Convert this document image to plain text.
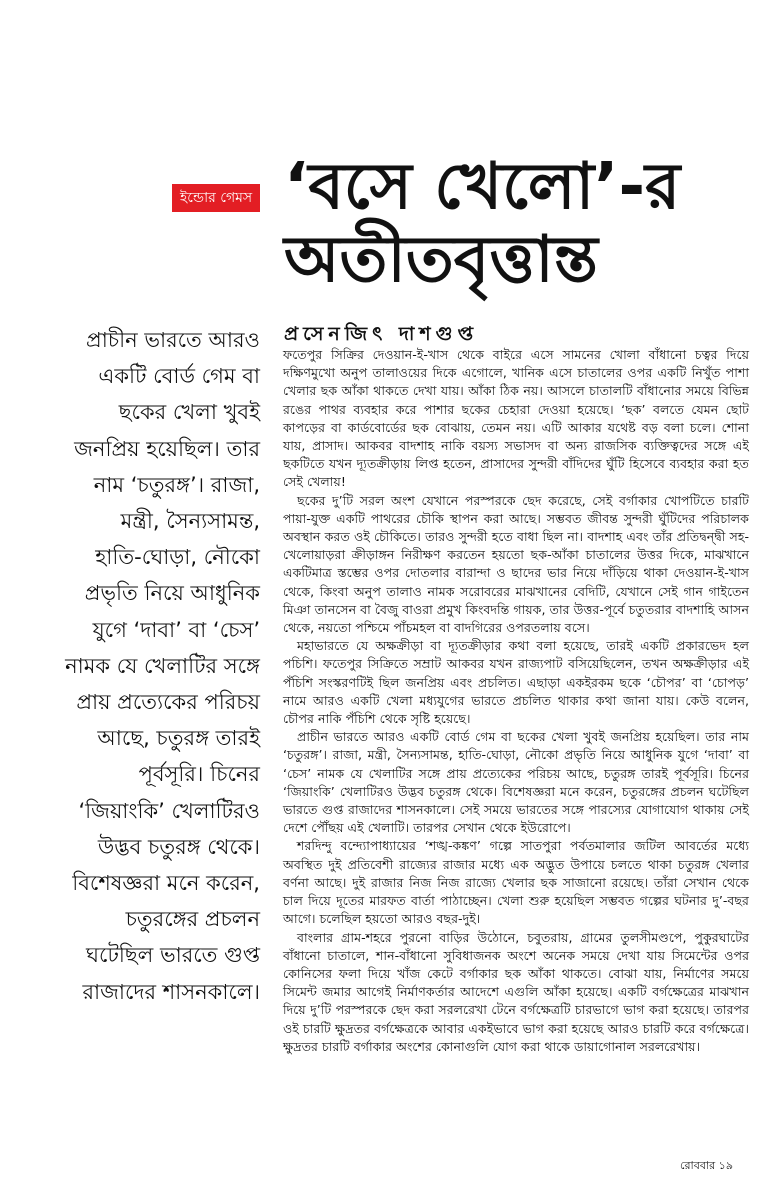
ইন্ডোর গেমস ‘বসে খেলো’-র
অতীতবৃত্তান্ত
প্রাচীন ভারতে আরও
একটি বোর্ড গেম বা
ছকের খেলা খুবই
জনপ্রিয় হয়েছিল। তার
নাম ‘চতুরঙ্গ’। রাজা,
মন্ত্রী, সৈন্যসামন্ত,
হাতি-ঘোড়া, নৌকো
প্রভৃতি নিয়ে আধুনিক
যুগে ‘দাবা’ বা ‘চেস’
নামক যে খেলাটির সঙ্গে
প্রায় প্রত্যেকের পরিচয়
আছে, চতুরঙ্গ তারই
পূর্বসূরি। চিনের
‘জিয়াংকি’ খেলাটিরও
উদ্ভব চতুরঙ্গ থেকে।
বিশেষজ্ঞরা মনে করেন,
চতুরঙ্গের প্রচলন
ঘটেছিল ভারতে গুপ্ত
রাজাদের শাসনকালে।
প্রসেনজিৎ দাশগুপ্ত

ফতেপুর সিক্রির দেওয়ান-ই-খাস থেকে বাইরে এসে সামনের খোলা বাঁধানো চত্বর দিয়ে দক্ষিণমুখো অনুপ তালাওয়ের দিকে এগোলে, খানিক এসে চাতালের ওপর একটি নিখুঁত পাশা খেলার ছক আঁকা থাকতে দেখা যায়। আঁকা ঠিক নয়। আসলে চাতালটি বাঁধানোর সময়ে বিভিন্ন রঙের পাথর ব্যবহার করে পাশার ছকের চেহারা দেওয়া হয়েছে। ‘ছক’ বলতে যেমন ছোট কাপড়ের বা কার্ডবোর্ডের ছক বোঝায়, তেমন নয়। এটি আকার যথেষ্ট বড় বলা চলে। শোনা যায়, প্রাসাদ। আকবর বাদশাহ নাকি বয়স্য সভাসদ বা অন্য রাজসিক ব্যক্তিত্বদের সঙ্গে এই ছকটিতে যখন দ্যূতক্রীড়ায় লিপ্ত হতেন, প্রাসাদের সুন্দরী বাঁদিদের ঘুঁটি হিসেবে ব্যবহার করা হত সেই খেলায়!

ছকের দু’টি সরল অংশ যেখানে পরস্পরকে ছেদ করেছে, সেই বর্গাকার খোপটিতে চারটি পায়া-যুক্ত একটি পাথরের চৌকি স্থাপন করা আছে। সম্ভবত জীবন্ত সুন্দরী ঘুঁটিদের পরিচালক অবস্থান করত ওই চৌকিতে। তারও সুন্দরী হতে বাধা ছিল না। বাদশাহ এবং তাঁর প্রতিদ্বন্দ্বী সহ-খেলোয়াড়রা ক্রীড়াঙ্গন নিরীক্ষণ করতেন হয়তো ছক-আঁকা চাতালের উত্তর দিকে, মাঝখানে একটিমাত্র স্তম্ভের ওপর দোতলার বারান্দা ও ছাদের ভার নিয়ে দাঁড়িয়ে থাকা দেওয়ান-ই-খাস থেকে, কিংবা অনুপ তালাও নামক সরোবরের মাঝখানের বেদিটি, যেখানে সেই গান গাইতেন মিঞা তানসেন বা বৈজু বাওরা প্রমুখ কিংবদন্তি গায়ক, তার উত্তর-পূর্বে চতুতরার বাদশাহি আসন থেকে, নয়তো পশ্চিমে পাঁচমহল বা বাদগিরের ওপরতলায় বসে।

মহাভারতে যে অক্ষক্রীড়া বা দ্যূতক্রীড়ার কথা বলা হয়েছে, তারই একটি প্রকারভেদ হল পচিশি। ফতেপুর সিক্রিতে সম্রাট আকবর যখন রাজ্যপাট বসিয়েছিলেন, তখন অক্ষক্রীড়ার এই পঁচিশি সংস্করণটিই ছিল জনপ্রিয় এবং প্রচলিত। এছাড়া একইরকম ছকে ‘চৌপর’ বা ‘চোপড়’ নামে আরও একটি খেলা মধ্যযুগের ভারতে প্রচলিত থাকার কথা জানা যায়। কেউ বলেন, চৌপর নাকি পঁচিশি থেকে সৃষ্টি হয়েছে।

প্রাচীন ভারতে আরও একটি বোর্ড গেম বা ছকের খেলা খুবই জনপ্রিয় হয়েছিল। তার নাম ‘চতুরঙ্গ’। রাজা, মন্ত্রী, সৈন্যসামন্ত, হাতি-ঘোড়া, নৌকো প্রভৃতি নিয়ে আধুনিক যুগে ‘দাবা’ বা ‘চেস’ নামক যে খেলাটির সঙ্গে প্রায় প্রত্যেকের পরিচয় আছে, চতুরঙ্গ তারই পূর্বসূরি। চিনের ‘জিয়াংকি’ খেলাটিরও উদ্ভব চতুরঙ্গ থেকে। বিশেষজ্ঞরা মনে করেন, চতুরঙ্গের প্রচলন ঘটেছিল ভারতে গুপ্ত রাজাদের শাসনকালে। সেই সময়ে ভারতের সঙ্গে পারস্যের যোগাযোগ থাকায় সেই দেশে পৌঁছয় এই খেলাটি। তারপর সেখান থেকে ইউরোপে।

শরদিন্দু বন্দ্যোপাধ্যায়ের ‘শঙ্খ-কঙ্কণ’ গল্পে সাতপুরা পর্বতমালার জটিল আবর্তের মধ্যে অবস্থিত দুই প্রতিবেশী রাজ্যের রাজার মধ্যে এক অদ্ভুত উপায়ে চলতে থাকা চতুরঙ্গ খেলার বর্ণনা আছে। দুই রাজার নিজ নিজ রাজ্যে খেলার ছক সাজানো রয়েছে। তাঁরা সেখান থেকে চাল দিয়ে দূতের মারফত বার্তা পাঠাচ্ছেন। খেলা শুরু হয়েছিল সম্ভবত গল্পের ঘটনার দু’-বছর আগে। চলেছিল হয়তো আরও বছর-দুই।

বাংলার গ্রাম-শহরে পুরনো বাড়ির উঠোনে, চবুতরায়, গ্রামের তুলসীমণ্ডপে, পুকুরঘাটের বাঁধানো চাতালে, শান-বাঁধানো সুবিধাজনক অংশে অনেক সময়ে দেখা যায় সিমেন্টের ওপর কোনিসের ফলা দিয়ে খাঁজ কেটে বর্গাকার ছক আঁকা থাকতে। বোঝা যায়, নির্মাণের সময়ে সিমেন্ট জমার আগেই নির্মাণকর্তার আদেশে এগুলি আঁকা হয়েছে। একটি বর্গক্ষেত্রের মাঝখান দিয়ে দু’টি পরস্পরকে ছেদ করা সরলরেখা টেনে বর্গক্ষেত্রটি চারভাগে ভাগ করা হয়েছে। তারপর ওই চারটি ক্ষুদ্রতর বর্গক্ষেত্রকে আবার একইভাবে ভাগ করা হয়েছে আরও চারটি করে বর্গক্ষেত্রে। ক্ষুদ্রতর চারটি বর্গাকার অংশের কোনাগুলি যোগ করা থাকে ডায়াগোনাল সরলরেখায়।

রোববার ১৯
